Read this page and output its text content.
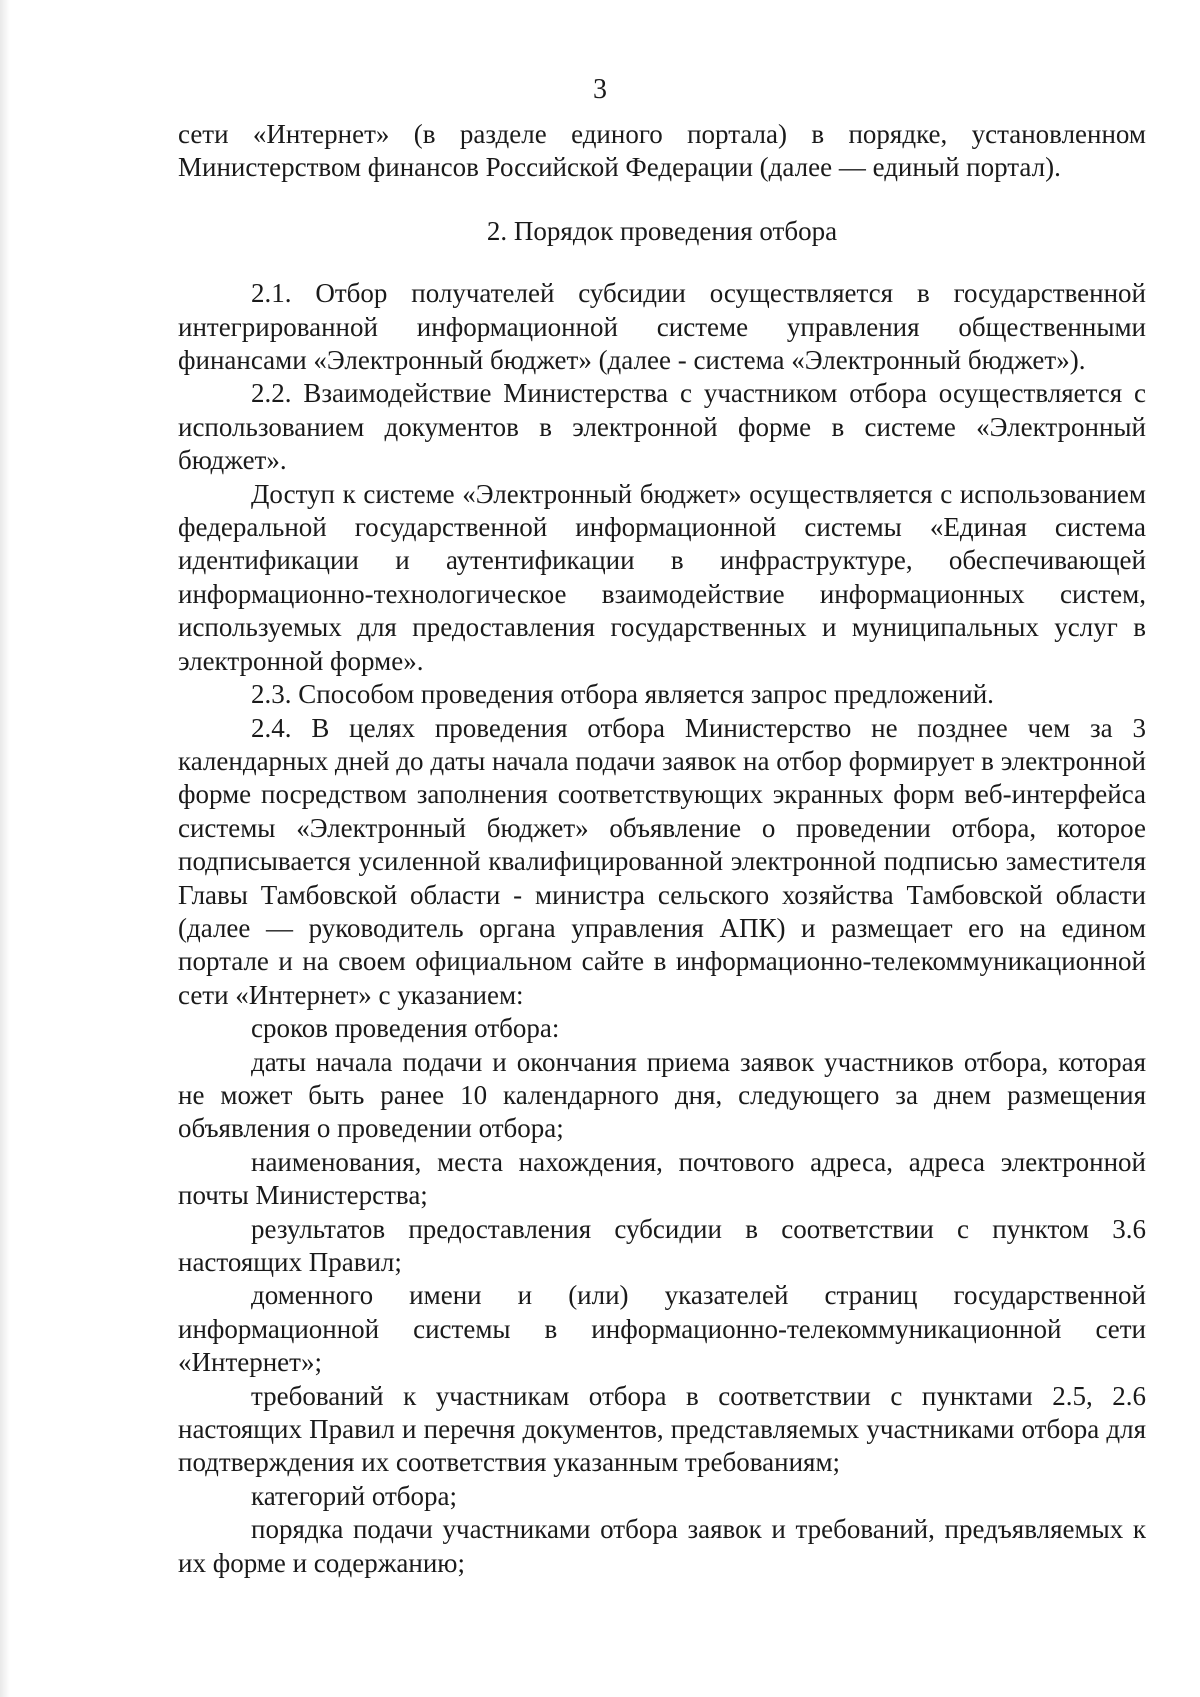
3

сети «Интернет» (в разделе единого портала) в порядке, установленном Министерством финансов Российской Федерации (далее — единый портал).

2. Порядок проведения отбора

2.1. Отбор получателей субсидии осуществляется в государственной интегрированной информационной системе управления общественными финансами «Электронный бюджет» (далее - система «Электронный бюджет»).

2.2. Взаимодействие Министерства с участником отбора осуществляется с использованием документов в электронной форме в системе «Электронный бюджет».

Доступ к системе «Электронный бюджет» осуществляется с использованием федеральной государственной информационной системы «Единая система идентификации и аутентификации в инфраструктуре, обеспечивающей информационно-технологическое взаимодействие информационных систем, используемых для предоставления государственных и муниципальных услуг в электронной форме».

2.3. Способом проведения отбора является запрос предложений.

2.4. В целях проведения отбора Министерство не позднее чем за 3 календарных дней до даты начала подачи заявок на отбор формирует в электронной форме посредством заполнения соответствующих экранных форм веб-интерфейса системы «Электронный бюджет» объявление о проведении отбора, которое подписывается усиленной квалифицированной электронной подписью заместителя Главы Тамбовской области - министра сельского хозяйства Тамбовской области (далее — руководитель органа управления АПК) и размещает его на едином портале и на своем официальном сайте в информационно-телекоммуникационной сети «Интернет» с указанием:

сроков проведения отбора:

даты начала подачи и окончания приема заявок участников отбора, которая не может быть ранее 10 календарного дня, следующего за днем размещения объявления о проведении отбора;

наименования, места нахождения, почтового адреса, адреса электронной почты Министерства;

результатов предоставления субсидии в соответствии с пунктом 3.6 настоящих Правил;

доменного имени и (или) указателей страниц государственной информационной системы в информационно-телекоммуникационной сети «Интернет»;

требований к участникам отбора в соответствии с пунктами 2.5, 2.6 настоящих Правил и перечня документов, представляемых участниками отбора для подтверждения их соответствия указанным требованиям;

категорий отбора;

порядка подачи участниками отбора заявок и требований, предъявляемых к их форме и содержанию;
